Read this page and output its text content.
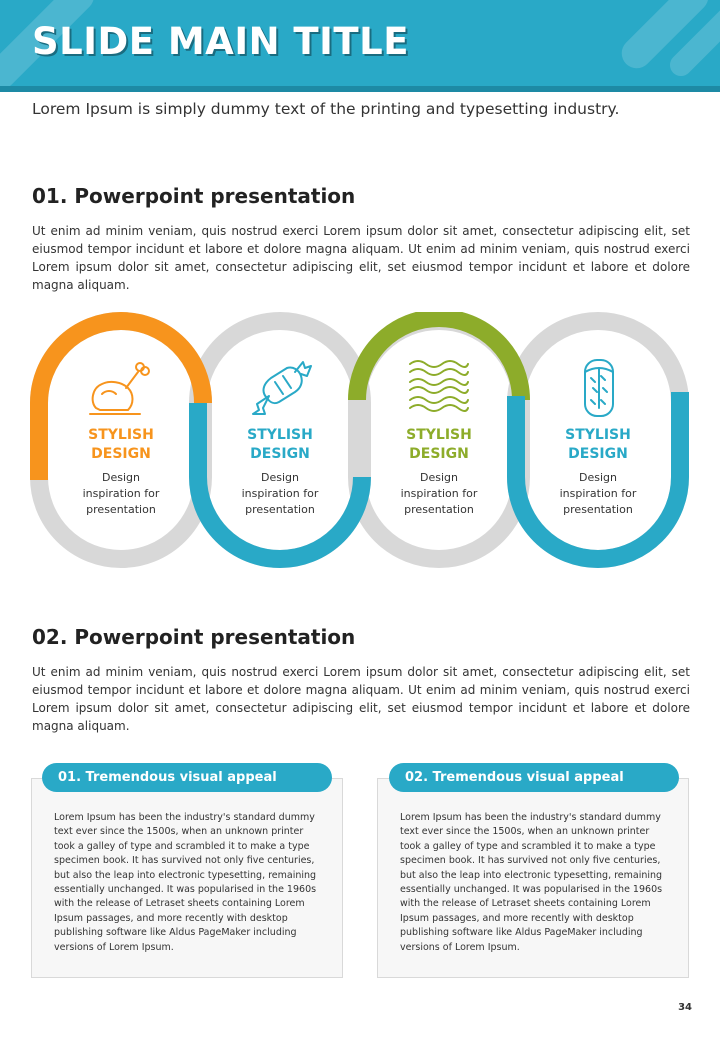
SLIDE MAIN TITLE
Lorem Ipsum is simply dummy text of the printing and typesetting industry.
01. Powerpoint presentation
Ut enim ad minim veniam, quis nostrud exerci Lorem ipsum dolor sit amet, consectetur adipiscing elit, set eiusmod tempor incidunt et labore et dolore magna aliquam. Ut enim ad minim veniam, quis nostrud exerci Lorem ipsum dolor sit amet, consectetur adipiscing elit, set eiusmod tempor incidunt et labore et dolore magna aliquam.
STYLISH
DESIGN
Design
inspiration for
presentation
STYLISH
DESIGN
Design
inspiration for
presentation
STYLISH
DESIGN
Design
inspiration for
presentation
STYLISH
DESIGN
Design
inspiration for
presentation
02. Powerpoint presentation
Ut enim ad minim veniam, quis nostrud exerci Lorem ipsum dolor sit amet, consectetur adipiscing elit, set eiusmod tempor incidunt et labore et dolore magna aliquam. Ut enim ad minim veniam, quis nostrud exerci Lorem ipsum dolor sit amet, consectetur adipiscing elit, set eiusmod tempor incidunt et labore et dolore magna aliquam.
Lorem Ipsum has been the industry's standard dummy text ever since the 1500s, when an unknown printer took a galley of type and scrambled it to make a type specimen book. It has survived not only five centuries, but also the leap into electronic typesetting, remaining essentially unchanged. It was popularised in the 1960s with the release of Letraset sheets containing Lorem Ipsum passages, and more recently with desktop publishing software like Aldus PageMaker including versions of Lorem Ipsum.
01. Tremendous visual appeal
Lorem Ipsum has been the industry's standard dummy text ever since the 1500s, when an unknown printer took a galley of type and scrambled it to make a type specimen book. It has survived not only five centuries, but also the leap into electronic typesetting, remaining essentially unchanged. It was popularised in the 1960s with the release of Letraset sheets containing Lorem Ipsum passages, and more recently with desktop publishing software like Aldus PageMaker including versions of Lorem Ipsum.
02. Tremendous visual appeal
34
